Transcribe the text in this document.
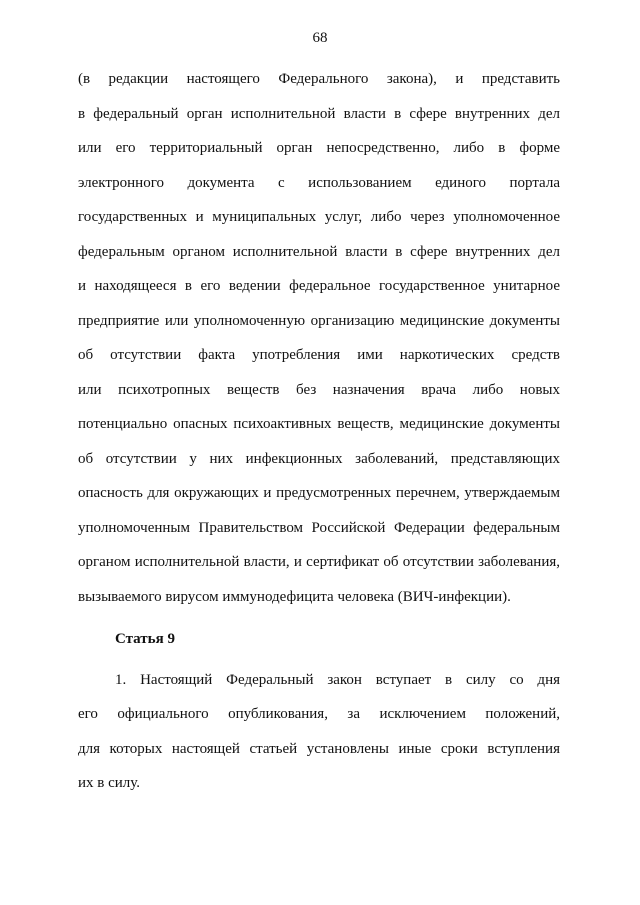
68
(в редакции настоящего Федерального закона), и представить
в федеральный орган исполнительной власти в сфере внутренних дел
или его территориальный орган непосредственно, либо в форме
электронного документа с использованием единого портала
государственных и муниципальных услуг, либо через уполномоченное
федеральным органом исполнительной власти в сфере внутренних дел
и находящееся в его ведении федеральное государственное унитарное
предприятие или уполномоченную организацию медицинские документы
об отсутствии факта употребления ими наркотических средств
или психотропных веществ без назначения врача либо новых
потенциально опасных психоактивных веществ, медицинские документы
об отсутствии у них инфекционных заболеваний, представляющих
опасность для окружающих и предусмотренных перечнем, утверждаемым
уполномоченным Правительством Российской Федерации федеральным
органом исполнительной власти, и сертификат об отсутствии заболевания,
вызываемого вирусом иммунодефицита человека (ВИЧ-инфекции).
Статья 9
1. Настоящий Федеральный закон вступает в силу со дня
его официального опубликования, за исключением положений,
для которых настоящей статьей установлены иные сроки вступления
их в силу.
